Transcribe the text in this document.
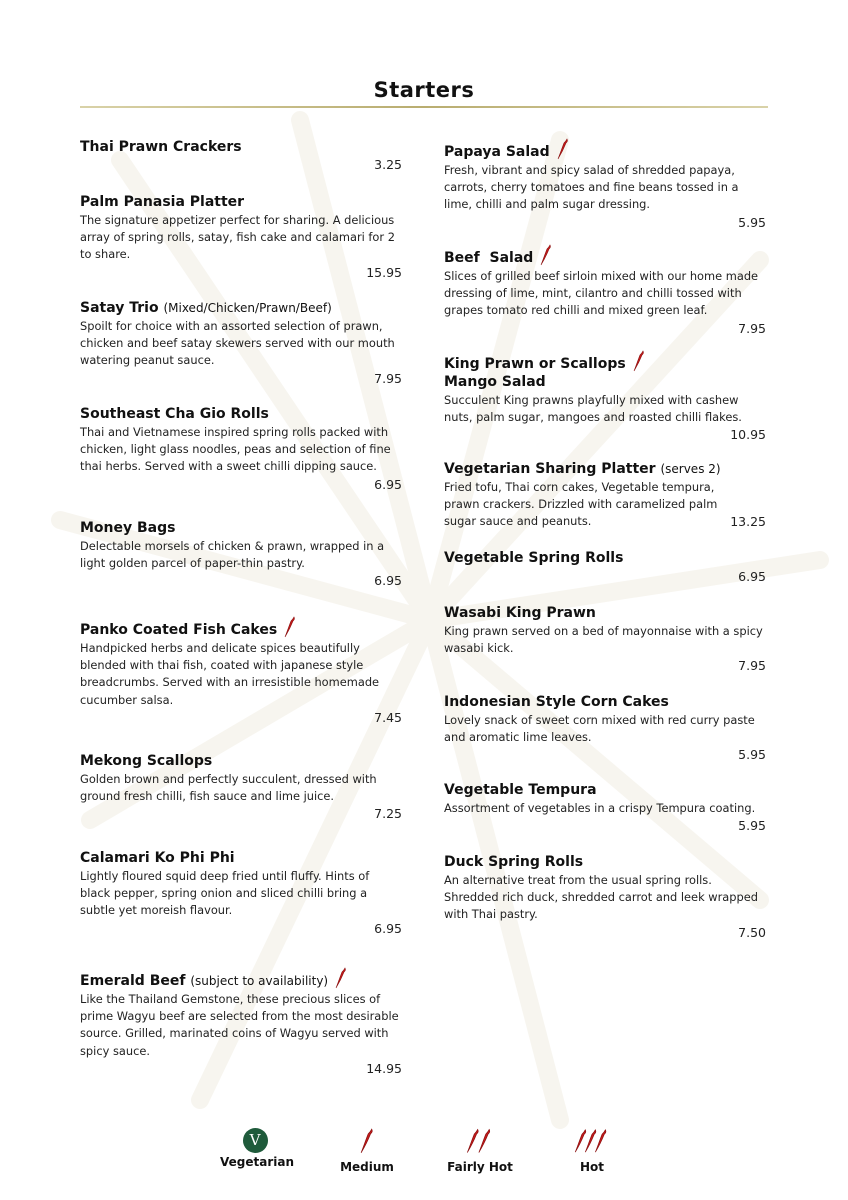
Starters
Thai Prawn Crackers
3.25
Palm Panasia Platter
The signature appetizer perfect for sharing. A delicious array of spring rolls, satay, fish cake and calamari for 2 to share.
15.95
Satay Trio (Mixed/Chicken/Prawn/Beef)
Spoilt for choice with an assorted selection of prawn, chicken and beef satay skewers served with our mouth watering peanut sauce.
7.95
Southeast Cha Gio Rolls
Thai and Vietnamese inspired spring rolls packed with chicken, light glass noodles, peas and selection of fine thai herbs. Served with a sweet chilli dipping sauce.
6.95
Money Bags
Delectable morsels of chicken & prawn, wrapped in a light golden parcel of paper-thin pastry.
6.95
Panko Coated Fish Cakes
Handpicked herbs and delicate spices beautifully blended with thai fish, coated with japanese style breadcrumbs. Served with an irresistible homemade cucumber salsa.
7.45
Mekong Scallops
Golden brown and perfectly succulent, dressed with ground fresh chilli, fish sauce and lime juice.
7.25
Calamari Ko Phi Phi
Lightly floured squid deep fried until fluffy. Hints of black pepper, spring onion and sliced chilli bring a subtle yet moreish flavour.
6.95
Emerald Beef (subject to availability)
Like the Thailand Gemstone, these precious slices of prime Wagyu beef are selected from the most desirable source. Grilled, marinated coins of Wagyu served with spicy sauce.
14.95
Papaya Salad
Fresh, vibrant and spicy salad of shredded papaya, carrots, cherry tomatoes and fine beans tossed in a lime, chilli and palm sugar dressing.
5.95
Beef  Salad
Slices of grilled beef sirloin mixed with our home made dressing of lime, mint, cilantro and chilli tossed with grapes tomato red chilli and mixed green leaf.
7.95
King Prawn or Scallops
Mango Salad
Succulent King prawns playfully mixed with cashew nuts, palm sugar, mangoes and roasted chilli flakes.
10.95
Vegetarian Sharing Platter (serves 2)
Fried tofu, Thai corn cakes, Vegetable tempura, prawn crackers. Drizzled with caramelized palm sugar sauce and peanuts.	13.25
Vegetable Spring Rolls
6.95
Wasabi King Prawn
King prawn served on a bed of mayonnaise with a spicy wasabi kick.
7.95
Indonesian Style Corn Cakes
Lovely snack of sweet corn mixed with red curry paste and aromatic lime leaves.
5.95
Vegetable Tempura
Assortment of vegetables in a crispy Tempura coating.
5.95
Duck Spring Rolls
An alternative treat from the usual spring rolls. Shredded rich duck, shredded carrot and leek wrapped with Thai pastry.
7.50
V
Vegetarian	Medium	Fairly Hot	Hot
